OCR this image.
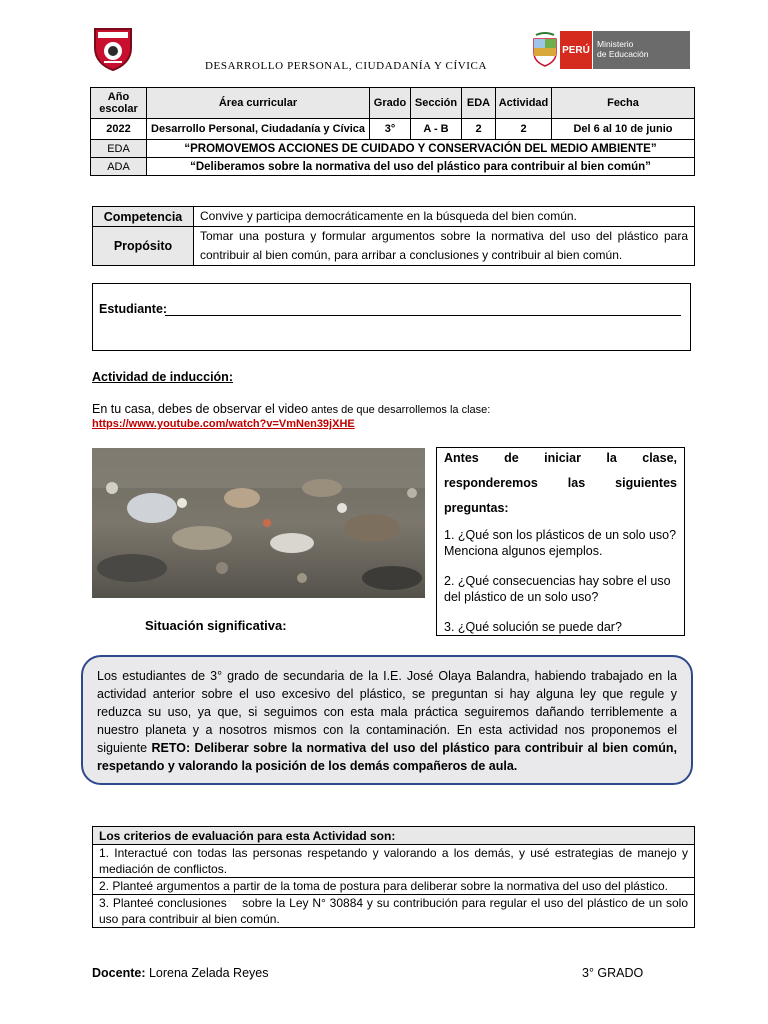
DESARROLLO PERSONAL, CIUDADANÍA Y CÍVICA
PERÚ
Ministerio
de Educación
Año escolar	Área curricular	Grado	Sección	EDA	Actividad	Fecha
2022	Desarrollo Personal, Ciudadanía y Cívica	3°	A - B	2	2	Del 6 al 10 de junio
EDA	“PROMOVEMOS ACCIONES DE CUIDADO Y CONSERVACIÓN DEL MEDIO AMBIENTE”					
ADA	“Deliberamos sobre la normativa del uso del plástico para contribuir al bien común”					
Competencia	Convive y participa democráticamente en la búsqueda del bien común.
Propósito	Tomar una postura y formular argumentos sobre la normativa del uso del plástico para contribuir al bien común, para arribar a conclusiones y contribuir al bien común.
Estudiante:
Actividad de inducción:
En tu casa, debes de observar el video antes de que desarrollemos la clase:
https://www.youtube.com/watch?v=VmNen39jXHE
Situación significativa:
Antes de iniciar la clase,
responderemos las siguientes
preguntas:
1. ¿Qué son los plásticos de un solo uso? Menciona algunos ejemplos.
2. ¿Qué consecuencias hay sobre el uso del plástico de un solo uso?
3. ¿Qué solución se puede dar?
Los estudiantes de 3° grado de secundaria de la I.E. José Olaya Balandra, habiendo trabajado en la actividad anterior sobre el uso excesivo del plástico, se preguntan si hay alguna ley que regule y reduzca su uso, ya que, si seguimos con esta mala práctica seguiremos dañando terriblemente a nuestro planeta y a nosotros mismos con la contaminación. En esta actividad nos proponemos el siguiente RETO: Deliberar sobre la normativa del uso del plástico para contribuir al bien común, respetando y valorando la posición de los demás compañeros de aula.
Los criterios de evaluación para esta Actividad son:
1. Interactué con todas las personas respetando y valorando a los demás, y usé estrategias de manejo y mediación de conflictos.
2. Planteé argumentos a partir de la toma de postura para deliberar sobre la normativa del uso del plástico.
3. Planteé conclusiones    sobre la Ley N° 30884 y su contribución para regular el uso del plástico de un solo uso para contribuir al bien común.
Docente: Lorena Zelada Reyes	3° GRADO
